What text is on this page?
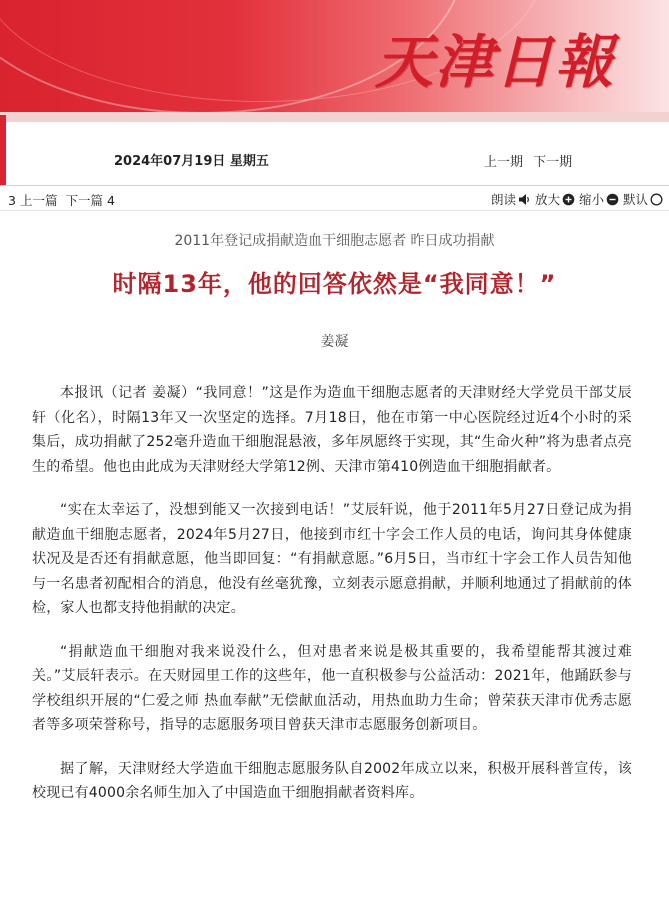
天津日報
2024年07月19日 星期五	上一期 下一期
3 上一篇 下一篇 4	朗读 放大 缩小 默认
2011年登记成捐献造血干细胞志愿者 昨日成功捐献
时隔13年，他的回答依然是“我同意！”
姜凝

本报讯（记者 姜凝）“我同意！”这是作为造血干细胞志愿者的天津财经大学党员干部艾辰轩（化名），时隔13年又一次坚定的选择。7月18日，他在市第一中心医院经过近4个小时的采集后，成功捐献了252毫升造血干细胞混悬液，多年夙愿终于实现，其“生命火种”将为患者点亮生的希望。他也由此成为天津财经大学第12例、天津市第410例造血干细胞捐献者。

“实在太幸运了，没想到能又一次接到电话！”艾辰轩说，他于2011年5月27日登记成为捐献造血干细胞志愿者，2024年5月27日，他接到市红十字会工作人员的电话，询问其身体健康状况及是否还有捐献意愿，他当即回复：“有捐献意愿。”6月5日，当市红十字会工作人员告知他与一名患者初配相合的消息，他没有丝毫犹豫，立刻表示愿意捐献，并顺利地通过了捐献前的体检，家人也都支持他捐献的决定。

“捐献造血干细胞对我来说没什么，但对患者来说是极其重要的，我希望能帮其渡过难关。”艾辰轩表示。在天财园里工作的这些年，他一直积极参与公益活动：2021年，他踊跃参与学校组织开展的“仁爱之师 热血奉献”无偿献血活动，用热血助力生命；曾荣获天津市优秀志愿者等多项荣誉称号，指导的志愿服务项目曾获天津市志愿服务创新项目。

据了解，天津财经大学造血干细胞志愿服务队自2002年成立以来，积极开展科普宣传，该校现已有4000余名师生加入了中国造血干细胞捐献者资料库。
